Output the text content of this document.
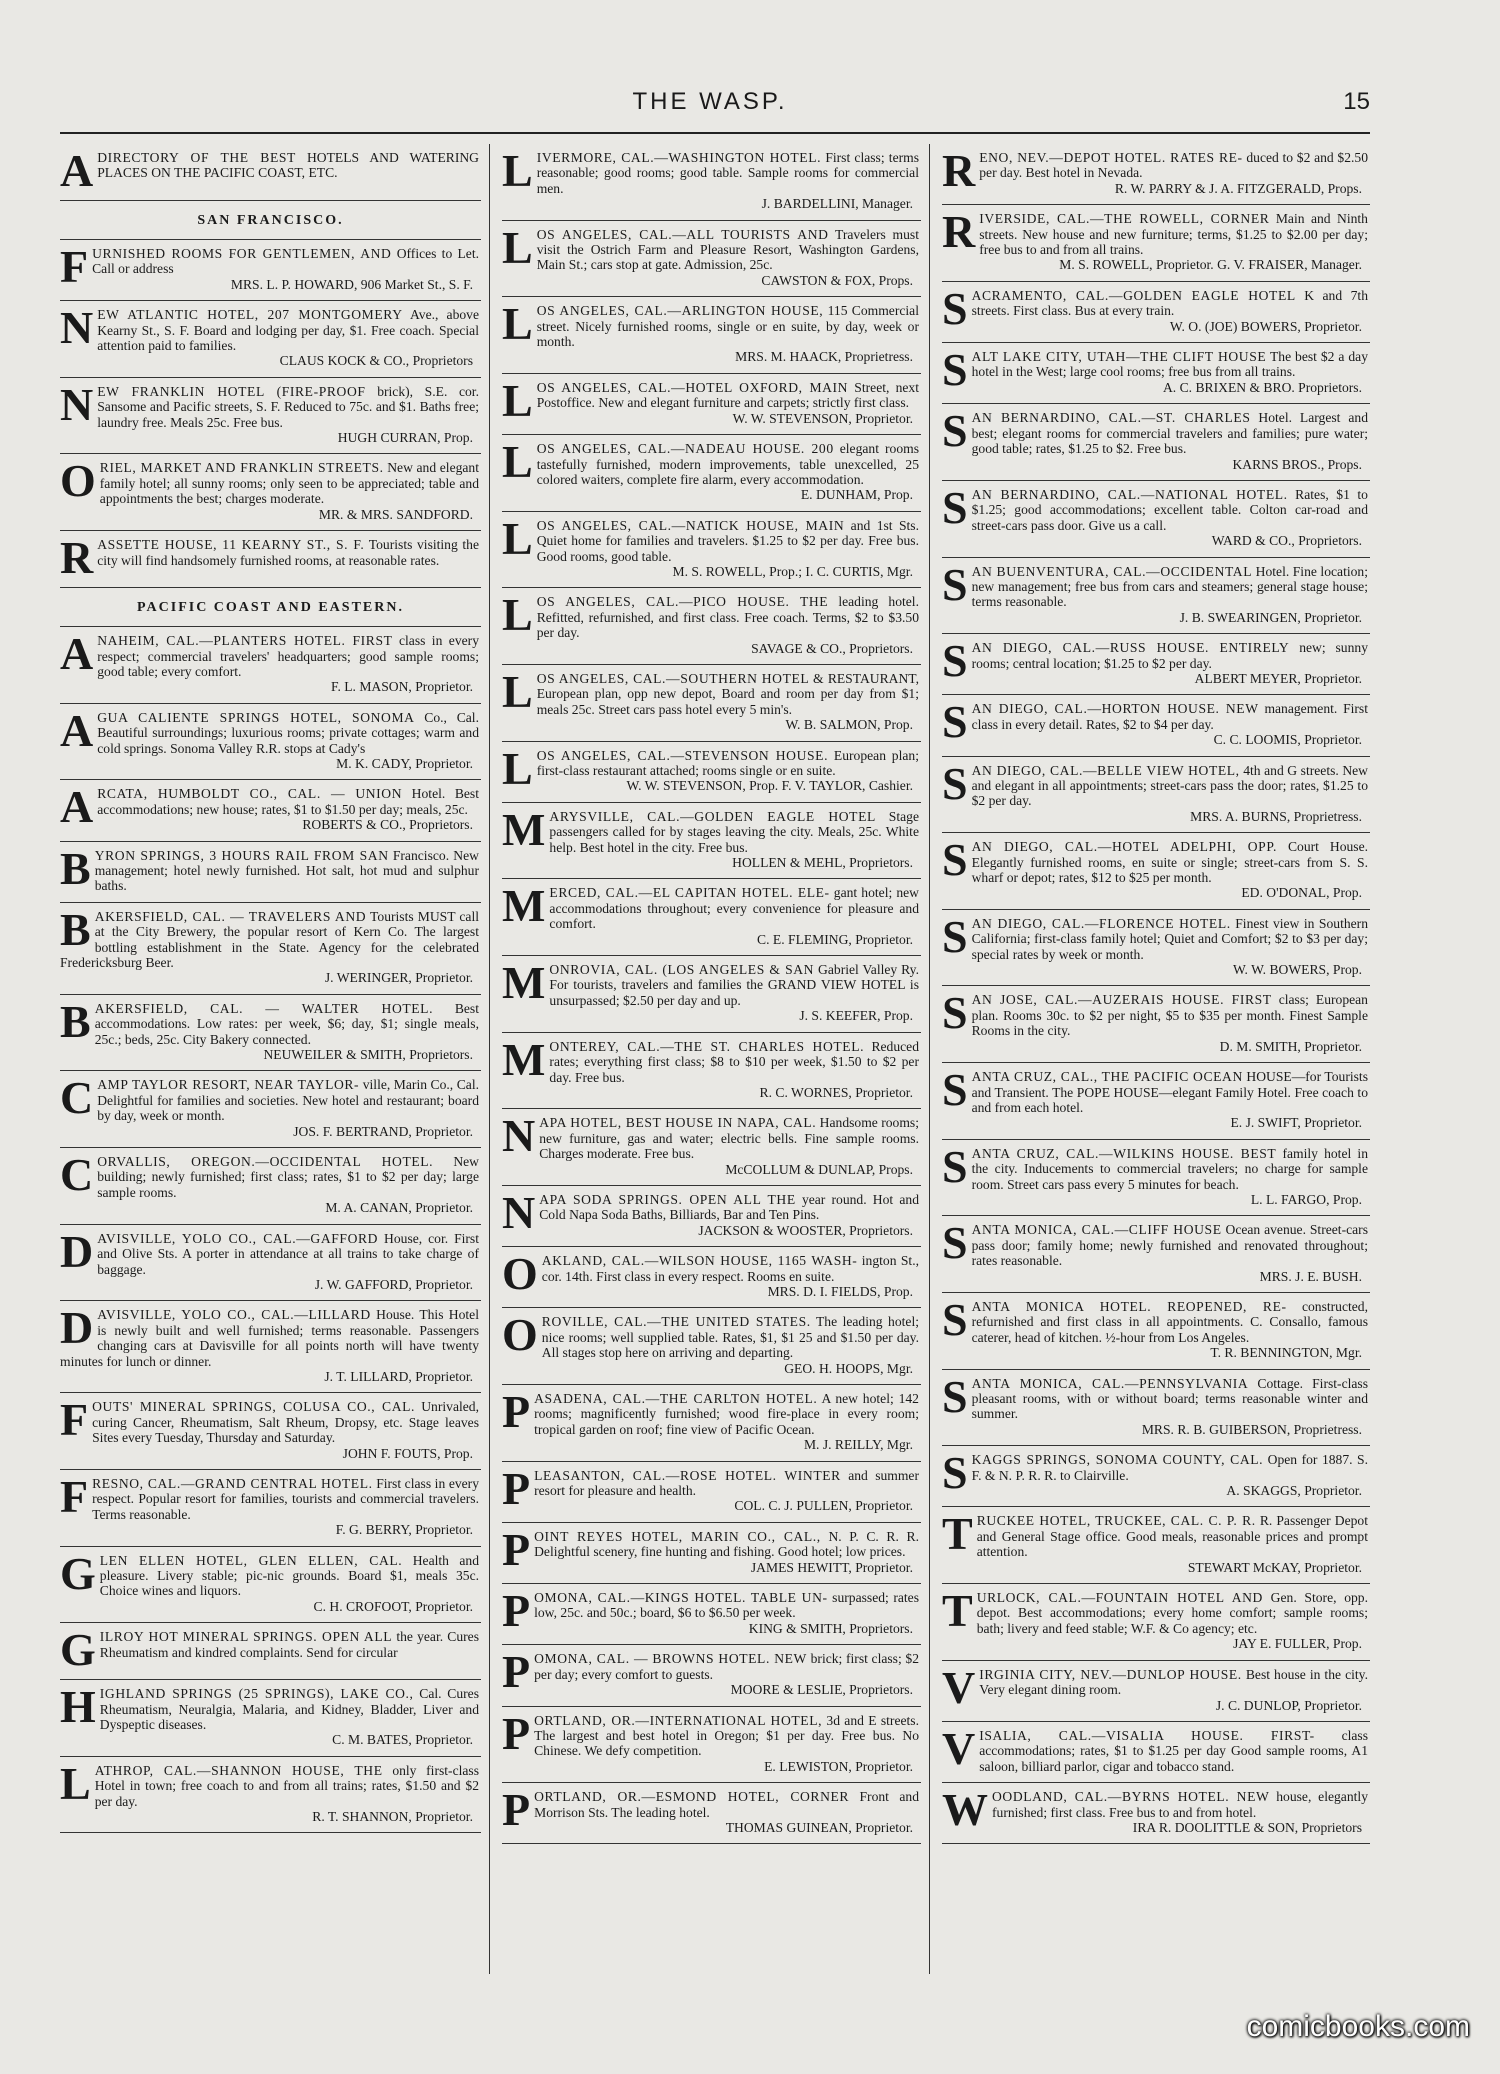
THE WASP.	15
A DIRECTORY OF THE BEST HOTELS AND WATERING PLACES ON THE PACIFIC COAST, ETC.
SAN FRANCISCO.
FURNISHED ROOMS FOR GENTLEMEN, AND Offices to Let. Call or address
MRS. L. P. HOWARD, 906 Market St., S. F.
NEW ATLANTIC HOTEL, 207 MONTGOMERY Ave., above Kearny St., S. F. Board and lodging per day, $1. Free coach. Special attention paid to families.
CLAUS KOCK & CO., Proprietors
NEW FRANKLIN HOTEL (FIRE-PROOF brick), S.E. cor. Sansome and Pacific streets, S. F. Reduced to 75c. and $1. Baths free; laundry free. Meals 25c. Free bus.
HUGH CURRAN, Prop.
ORIEL, MARKET AND FRANKLIN STREETS. New and elegant family hotel; all sunny rooms; only seen to be appreciated; table and appointments the best; charges moderate.
MR. & MRS. SANDFORD.
RASSETTE HOUSE, 11 KEARNY ST., S. F. Tourists visiting the city will find handsomely furnished rooms, at reasonable rates.
PACIFIC COAST AND EASTERN.
ANAHEIM, CAL.—PLANTERS HOTEL. FIRST class in every respect; commercial travelers' headquarters; good sample rooms; good table; every comfort.
F. L. MASON, Proprietor.
AGUA CALIENTE SPRINGS HOTEL, SONOMA Co., Cal. Beautiful surroundings; luxurious rooms; private cottages; warm and cold springs. Sonoma Valley R.R. stops at Cady's
M. K. CADY, Proprietor.
ARCATA, HUMBOLDT CO., CAL. — UNION Hotel. Best accommodations; new house; rates, $1 to $1.50 per day; meals, 25c.
ROBERTS & CO., Proprietors.
BYRON SPRINGS, 3 HOURS RAIL FROM SAN Francisco. New management; hotel newly furnished. Hot salt, hot mud and sulphur baths.
BAKERSFIELD, CAL. — TRAVELERS AND Tourists MUST call at the City Brewery, the popular resort of Kern Co. The largest bottling establishment in the State. Agency for the celebrated Fredericksburg Beer.
J. WERINGER, Proprietor.
BAKERSFIELD, CAL. — WALTER HOTEL. Best accommodations. Low rates: per week, $6; day, $1; single meals, 25c.; beds, 25c. City Bakery connected.
NEUWEILER & SMITH, Proprietors.
CAMP TAYLOR RESORT, NEAR TAYLOR- ville, Marin Co., Cal. Delightful for families and societies. New hotel and restaurant; board by day, week or month.
JOS. F. BERTRAND, Proprietor.
CORVALLIS, OREGON.—OCCIDENTAL HOTEL. New building; newly furnished; first class; rates, $1 to $2 per day; large sample rooms.
M. A. CANAN, Proprietor.
DAVISVILLE, YOLO CO., CAL.—GAFFORD House, cor. First and Olive Sts. A porter in attendance at all trains to take charge of baggage.
J. W. GAFFORD, Proprietor.
DAVISVILLE, YOLO CO., CAL.—LILLARD House. This Hotel is newly built and well furnished; terms reasonable. Passengers changing cars at Davisville for all points north will have twenty minutes for lunch or dinner.
J. T. LILLARD, Proprietor.
FOUTS' MINERAL SPRINGS, COLUSA CO., CAL. Unrivaled, curing Cancer, Rheumatism, Salt Rheum, Dropsy, etc. Stage leaves Sites every Tuesday, Thursday and Saturday.
JOHN F. FOUTS, Prop.
FRESNO, CAL.—GRAND CENTRAL HOTEL. First class in every respect. Popular resort for families, tourists and commercial travelers. Terms reasonable.
F. G. BERRY, Proprietor.
GLEN ELLEN HOTEL, GLEN ELLEN, CAL. Health and pleasure. Livery stable; pic-nic grounds. Board $1, meals 35c. Choice wines and liquors.
C. H. CROFOOT, Proprietor.
GILROY HOT MINERAL SPRINGS. OPEN ALL the year. Cures Rheumatism and kindred complaints. Send for circular
HIGHLAND SPRINGS (25 SPRINGS), LAKE CO., Cal. Cures Rheumatism, Neuralgia, Malaria, and Kidney, Bladder, Liver and Dyspeptic diseases.
C. M. BATES, Proprietor.
LATHROP, CAL.—SHANNON HOUSE, THE only first-class Hotel in town; free coach to and from all trains; rates, $1.50 and $2 per day.
R. T. SHANNON, Proprietor.
LIVERMORE, CAL.—WASHINGTON HOTEL. First class; terms reasonable; good rooms; good table. Sample rooms for commercial men.
J. BARDELLINI, Manager.
LOS ANGELES, CAL.—ALL TOURISTS AND Travelers must visit the Ostrich Farm and Pleasure Resort, Washington Gardens, Main St.; cars stop at gate. Admission, 25c.
CAWSTON & FOX, Props.
LOS ANGELES, CAL.—ARLINGTON HOUSE, 115 Commercial street. Nicely furnished rooms, single or en suite, by day, week or month.
MRS. M. HAACK, Proprietress.
LOS ANGELES, CAL.—HOTEL OXFORD, MAIN Street, next Postoffice. New and elegant furniture and carpets; strictly first class.
W. W. STEVENSON, Proprietor.
LOS ANGELES, CAL.—NADEAU HOUSE. 200 elegant rooms tastefully furnished, modern improvements, table unexcelled, 25 colored waiters, complete fire alarm, every accommodation.
E. DUNHAM, Prop.
LOS ANGELES, CAL.—NATICK HOUSE, MAIN and 1st Sts. Quiet home for families and travelers. $1.25 to $2 per day. Free bus. Good rooms, good table.
M. S. ROWELL, Prop.; I. C. CURTIS, Mgr.
LOS ANGELES, CAL.—PICO HOUSE. THE leading hotel. Refitted, refurnished, and first class. Free coach. Terms, $2 to $3.50 per day.
SAVAGE & CO., Proprietors.
LOS ANGELES, CAL.—SOUTHERN HOTEL & RESTAURANT, European plan, opp new depot, Board and room per day from $1; meals 25c. Street cars pass hotel every 5 min's.
W. B. SALMON, Prop.
LOS ANGELES, CAL.—STEVENSON HOUSE. European plan; first-class restaurant attached; rooms single or en suite.
W. W. STEVENSON, Prop. F. V. TAYLOR, Cashier.
MARYSVILLE, CAL.—GOLDEN EAGLE HOTEL Stage passengers called for by stages leaving the city. Meals, 25c. White help. Best hotel in the city. Free bus.
HOLLEN & MEHL, Proprietors.
MERCED, CAL.—EL CAPITAN HOTEL. ELE- gant hotel; new accommodations throughout; every convenience for pleasure and comfort.
C. E. FLEMING, Proprietor.
MONROVIA, CAL. (LOS ANGELES & SAN Gabriel Valley Ry. For tourists, travelers and families the GRAND VIEW HOTEL is unsurpassed; $2.50 per day and up.
J. S. KEEFER, Prop.
MONTEREY, CAL.—THE ST. CHARLES HOTEL. Reduced rates; everything first class; $8 to $10 per week, $1.50 to $2 per day. Free bus.
R. C. WORNES, Proprietor.
NAPA HOTEL, BEST HOUSE IN NAPA, CAL. Handsome rooms; new furniture, gas and water; electric bells. Fine sample rooms. Charges moderate. Free bus.
McCOLLUM & DUNLAP, Props.
NAPA SODA SPRINGS. OPEN ALL THE year round. Hot and Cold Napa Soda Baths, Billiards, Bar and Ten Pins.
JACKSON & WOOSTER, Proprietors.
OAKLAND, CAL.—WILSON HOUSE, 1165 WASH- ington St., cor. 14th. First class in every respect. Rooms en suite.
MRS. D. I. FIELDS, Prop.
OROVILLE, CAL.—THE UNITED STATES. The leading hotel; nice rooms; well supplied table. Rates, $1, $1 25 and $1.50 per day. All stages stop here on arriving and departing.
GEO. H. HOOPS, Mgr.
PASADENA, CAL.—THE CARLTON HOTEL. A new hotel; 142 rooms; magnificently furnished; wood fire-place in every room; tropical garden on roof; fine view of Pacific Ocean.
M. J. REILLY, Mgr.
PLEASANTON, CAL.—ROSE HOTEL. WINTER and summer resort for pleasure and health.
COL. C. J. PULLEN, Proprietor.
POINT REYES HOTEL, MARIN CO., CAL., N. P. C. R. R. Delightful scenery, fine hunting and fishing. Good hotel; low prices.
JAMES HEWITT, Proprietor.
POMONA, CAL.—KINGS HOTEL. TABLE UN- surpassed; rates low, 25c. and 50c.; board, $6 to $6.50 per week.
KING & SMITH, Proprietors.
POMONA, CAL. — BROWNS HOTEL. NEW brick; first class; $2 per day; every comfort to guests.
MOORE & LESLIE, Proprietors.
PORTLAND, OR.—INTERNATIONAL HOTEL, 3d and E streets. The largest and best hotel in Oregon; $1 per day. Free bus. No Chinese. We defy competition.
E. LEWISTON, Proprietor.
PORTLAND, OR.—ESMOND HOTEL, CORNER Front and Morrison Sts. The leading hotel.
THOMAS GUINEAN, Proprietor.
RENO, NEV.—DEPOT HOTEL. RATES RE- duced to $2 and $2.50 per day. Best hotel in Nevada.
R. W. PARRY & J. A. FITZGERALD, Props.
RIVERSIDE, CAL.—THE ROWELL, CORNER Main and Ninth streets. New house and new furniture; terms, $1.25 to $2.00 per day; free bus to and from all trains.
M. S. ROWELL, Proprietor. G. V. FRAISER, Manager.
SACRAMENTO, CAL.—GOLDEN EAGLE HOTEL K and 7th streets. First class. Bus at every train.
W. O. (JOE) BOWERS, Proprietor.
SALT LAKE CITY, UTAH—THE CLIFT HOUSE The best $2 a day hotel in the West; large cool rooms; free bus from all trains.
A. C. BRIXEN & BRO. Proprietors.
SAN BERNARDINO, CAL.—ST. CHARLES Hotel. Largest and best; elegant rooms for commercial travelers and families; pure water; good table; rates, $1.25 to $2. Free bus.
KARNS BROS., Props.
SAN BERNARDINO, CAL.—NATIONAL HOTEL. Rates, $1 to $1.25; good accommodations; excellent table. Colton car-road and street-cars pass door. Give us a call.
WARD & CO., Proprietors.
SAN BUENVENTURA, CAL.—OCCIDENTAL Hotel. Fine location; new management; free bus from cars and steamers; general stage house; terms reasonable.
J. B. SWEARINGEN, Proprietor.
SAN DIEGO, CAL.—RUSS HOUSE. ENTIRELY new; sunny rooms; central location; $1.25 to $2 per day.
ALBERT MEYER, Proprietor.
SAN DIEGO, CAL.—HORTON HOUSE. NEW management. First class in every detail. Rates, $2 to $4 per day.
C. C. LOOMIS, Proprietor.
SAN DIEGO, CAL.—BELLE VIEW HOTEL, 4th and G streets. New and elegant in all appointments; street-cars pass the door; rates, $1.25 to $2 per day.
MRS. A. BURNS, Proprietress.
SAN DIEGO, CAL.—HOTEL ADELPHI, OPP. Court House. Elegantly furnished rooms, en suite or single; street-cars from S. S. wharf or depot; rates, $12 to $25 per month.
ED. O'DONAL, Prop.
SAN DIEGO, CAL.—FLORENCE HOTEL. Finest view in Southern California; first-class family hotel; Quiet and Comfort; $2 to $3 per day; special rates by week or month.
W. W. BOWERS, Prop.
SAN JOSE, CAL.—AUZERAIS HOUSE. FIRST class; European plan. Rooms 30c. to $2 per night, $5 to $35 per month. Finest Sample Rooms in the city.
D. M. SMITH, Proprietor.
SANTA CRUZ, CAL., THE PACIFIC OCEAN HOUSE—for Tourists and Transient. The POPE HOUSE—elegant Family Hotel. Free coach to and from each hotel.
E. J. SWIFT, Proprietor.
SANTA CRUZ, CAL.—WILKINS HOUSE. BEST family hotel in the city. Inducements to commercial travelers; no charge for sample room. Street cars pass every 5 minutes for beach.
L. L. FARGO, Prop.
SANTA MONICA, CAL.—CLIFF HOUSE Ocean avenue. Street-cars pass door; family home; newly furnished and renovated throughout; rates reasonable.
MRS. J. E. BUSH.
SANTA MONICA HOTEL. REOPENED, RE- constructed, refurnished and first class in all appointments. C. Consallo, famous caterer, head of kitchen. ½-hour from Los Angeles.
T. R. BENNINGTON, Mgr.
SANTA MONICA, CAL.—PENNSYLVANIA Cottage. First-class pleasant rooms, with or without board; terms reasonable winter and summer.
MRS. R. B. GUIBERSON, Proprietress.
SKAGGS SPRINGS, SONOMA COUNTY, CAL. Open for 1887. S. F. & N. P. R. R. to Clairville.
A. SKAGGS, Proprietor.
TRUCKEE HOTEL, TRUCKEE, CAL. C. P. R. R. Passenger Depot and General Stage office. Good meals, reasonable prices and prompt attention.
STEWART McKAY, Proprietor.
TURLOCK, CAL.—FOUNTAIN HOTEL AND Gen. Store, opp. depot. Best accommodations; every home comfort; sample rooms; bath; livery and feed stable; W.F. & Co agency; etc.
JAY E. FULLER, Prop.
VIRGINIA CITY, NEV.—DUNLOP HOUSE. Best house in the city. Very elegant dining room.
J. C. DUNLOP, Proprietor.
VISALIA, CAL.—VISALIA HOUSE. FIRST- class accommodations; rates, $1 to $1.25 per day Good sample rooms, A1 saloon, billiard parlor, cigar and tobacco stand.
WOODLAND, CAL.—BYRNS HOTEL. NEW house, elegantly furnished; first class. Free bus to and from hotel.
IRA R. DOOLITTLE & SON, Proprietors
comicbooks.com
